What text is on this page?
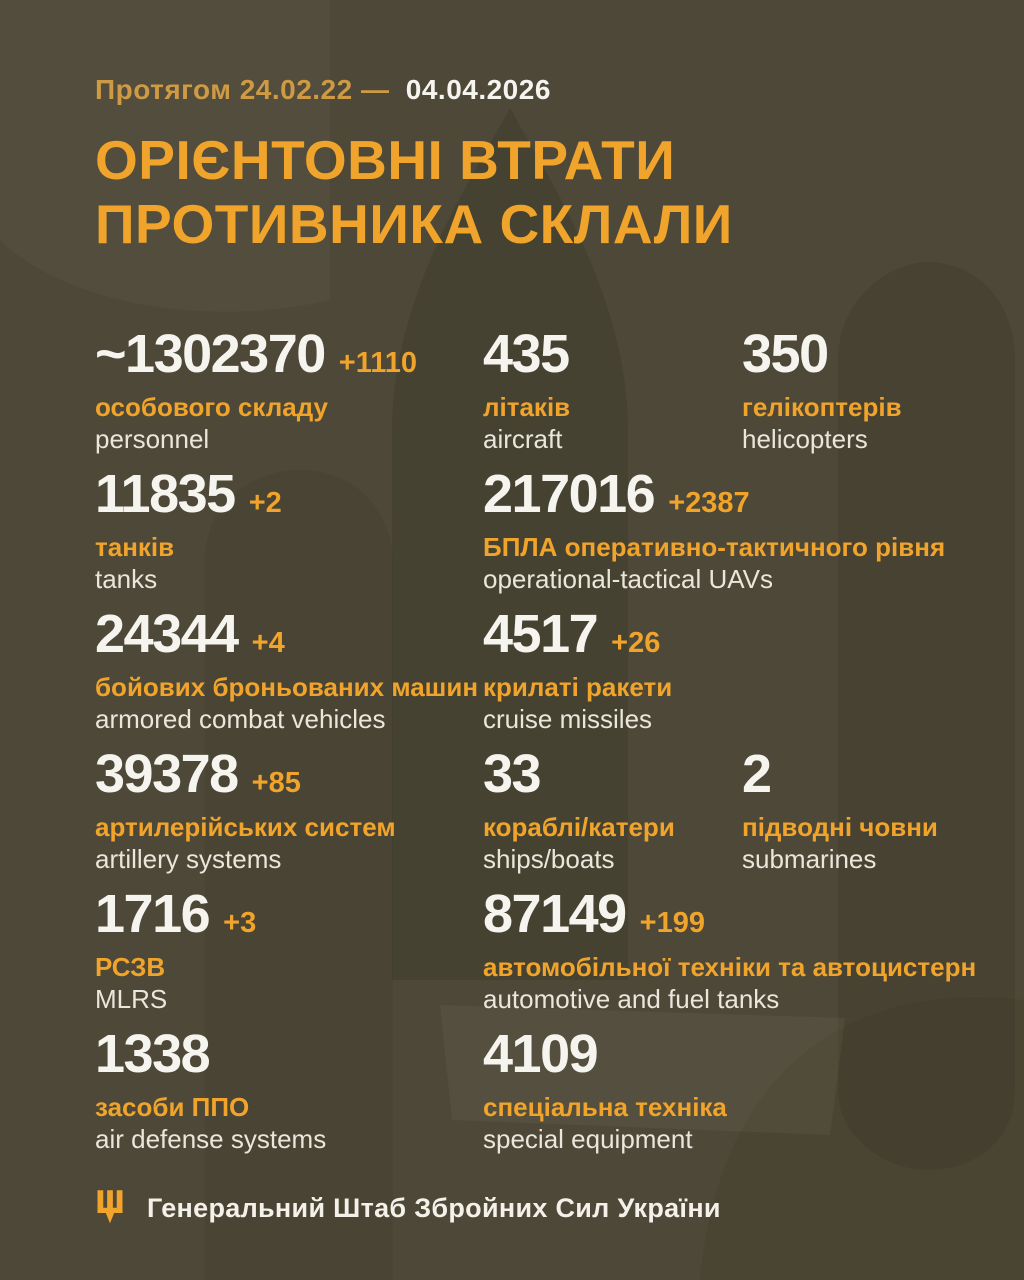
Протягом 24.02.22 — 04.04.2026
ОРІЄНТОВНІ ВТРАТИ
ПРОТИВНИКА СКЛАЛИ
~1302370 +1110
особового складу
personnel
435
літаків
aircraft
350
гелікоптерів
helicopters
11835 +2
танків
tanks
217016 +2387
БПЛА оперативно-тактичного рівня
operational-tactical UAVs
24344 +4
бойових броньованих машин
armored combat vehicles
4517 +26
крилаті ракети
cruise missiles
39378 +85
артилерійських систем
artillery systems
33
кораблі/катери
ships/boats
2
підводні човни
submarines
1716 +3
РСЗВ
MLRS
87149 +199
автомобільної техніки та автоцистерн
automotive and fuel tanks
1338
засоби ППО
air defense systems
4109
спеціальна техніка
special equipment
Генеральний Штаб Збройних Сил України
